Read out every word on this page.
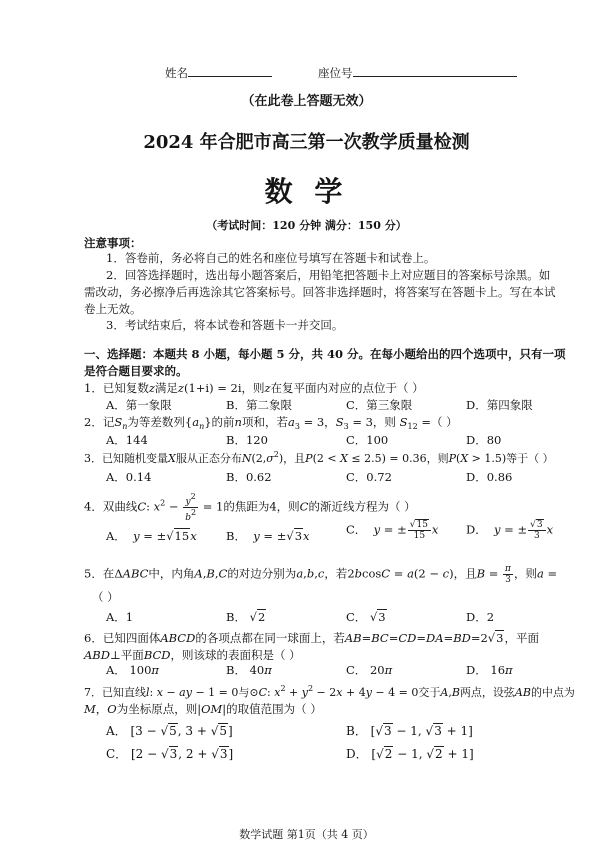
姓名	座位号
（在此卷上答题无效）
2024 年合肥市高三第一次教学质量检测
数 学
（考试时间：120 分钟 满分：150 分）
注意事项：
1．答卷前，务必将自己的姓名和座位号填写在答题卡和试卷上。
2．回答选择题时，选出每小题答案后，用铅笔把答题卡上对应题目的答案标号涂黑。如
需改动，务必擦净后再选涂其它答案标号。回答非选择题时，将答案写在答题卡上。写在本试
卷上无效。
3．考试结束后，将本试卷和答题卡一并交回。
一、选择题：本题共 8 小题，每小题 5 分，共 40 分。在每小题给出的四个选项中，只有一项
是符合题目要求的。
1．已知复数z满足z(1+i) = 2i，则z在复平面内对应的点位于（ ）
A．第一象限	B．第二象限	C．第三象限	D．第四象限
2．记$S_n$为等差数列$\{a_n\}$的前n项和，若$a_3 = 3$，$S_3 = 3$，则 $S_{12}$ =（ ）
A．144	B．120	C．100	D．80
3．已知随机变量X服从正态分布$N(2,\sigma^2)$，且P(2 < X ≤ 2.5) = 0.36，则P(X > 1.5)等于（ ）
A．0.14	B．0.62	C．0.72	D．0.86
4．双曲线C: $x^2 - \frac{y2}{b2} = 1$的焦距为4，则C的渐近线方程为（ ）
A．  y = ±√15x	B．  y = ±√3x	C．  y = ± $\frac{√15}{15}$ x D．  y = ± $\frac{√3}{3}$ x
5．在ΔABC中，内角A,B,C的对边分别为a,b,c，若2bcosC = a(2 − c)，且$B = \frac{\pi}{3}$ ，则a =
（ ）
A．1	B． √2	C． √3	D．2
6．已知四面体ABCD的各项点都在同一球面上，若AB=BC=CD=DA=BD=2√3，平面
ABD⊥平面BCD，则该球的表面积是（ ）
A． 100π	B． 40π	C． 20π	D． 16π
7．已知直线l: x − ay − 1 = 0与⊙C: $x^2 + y^2 - 2x + 4y - 4 = 0$交于A,B两点，设弦AB的中点为
M，O为坐标原点，则|OM|的取值范围为（ ）
A． [3 − √5, 3 + √5]	B． [√3 − 1, √3 + 1]
C． [2 − √3, 2 + √3]	D． [√2 − 1, √2 + 1]
数学试题 第1页（共 4 页）
